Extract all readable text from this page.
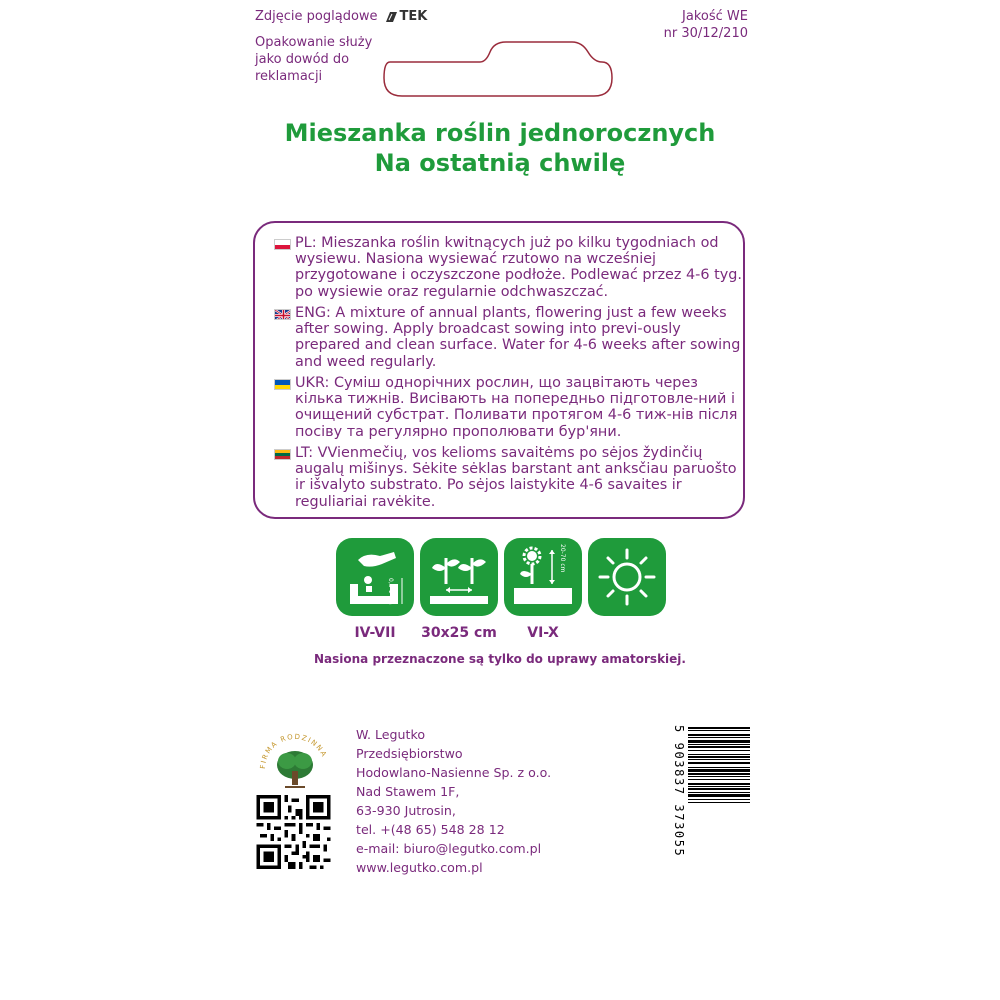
Zdjęcie poglądowe TEK
Opakowanie służy jako dowód do reklamacji
Jakość WE
nr 30/12/210
Mieszanka roślin jednorocznych
Na ostatnią chwilę
PL: Mieszanka roślin kwitnących już po kilku tygodniach od wysiewu. Nasiona wysiewać rzutowo na wcześniej przygotowane i oczyszczone podłoże. Podlewać przez 4-6 tyg. po wysiewie oraz regularnie odchwaszczać.
ENG: A mixture of annual plants, flowering just a few weeks after sowing. Apply broadcast sowing into previ-ously prepared and clean surface. Water for 4-6 weeks after sowing and weed regularly.
UKR: Суміш однорічних рослин, що зацвітають через кілька тижнів. Висівають на попередньо підготовле-ний і очищений субстрат. Поливати протягом 4-6 тиж-нів після посіву та регулярно прополювати бур'яни.
LT: VVienmečių, vos kelioms savaitėms po sėjos žydinčių augalų mišinys. Sėkite sėklas barstant ant anksčiau paruošto ir išvalyto substrato. Po sėjos laistykite 4-6 savaites ir reguliariai ravėkite.
0,5-1 cm
20-70 cm
IV-VII	30x25 cm	VI-X
Nasiona przeznaczone są tylko do uprawy amatorskiej.
FIRMA RODZINNA
W. Legutko
Przedsiębiorstwo
Hodowlano-Nasienne Sp. z o.o.
Nad Stawem 1F,
63-930 Jutrosin,
tel. +(48 65) 548 28 12
e-mail: biuro@legutko.com.pl
www.legutko.com.pl
5 903837 373055
